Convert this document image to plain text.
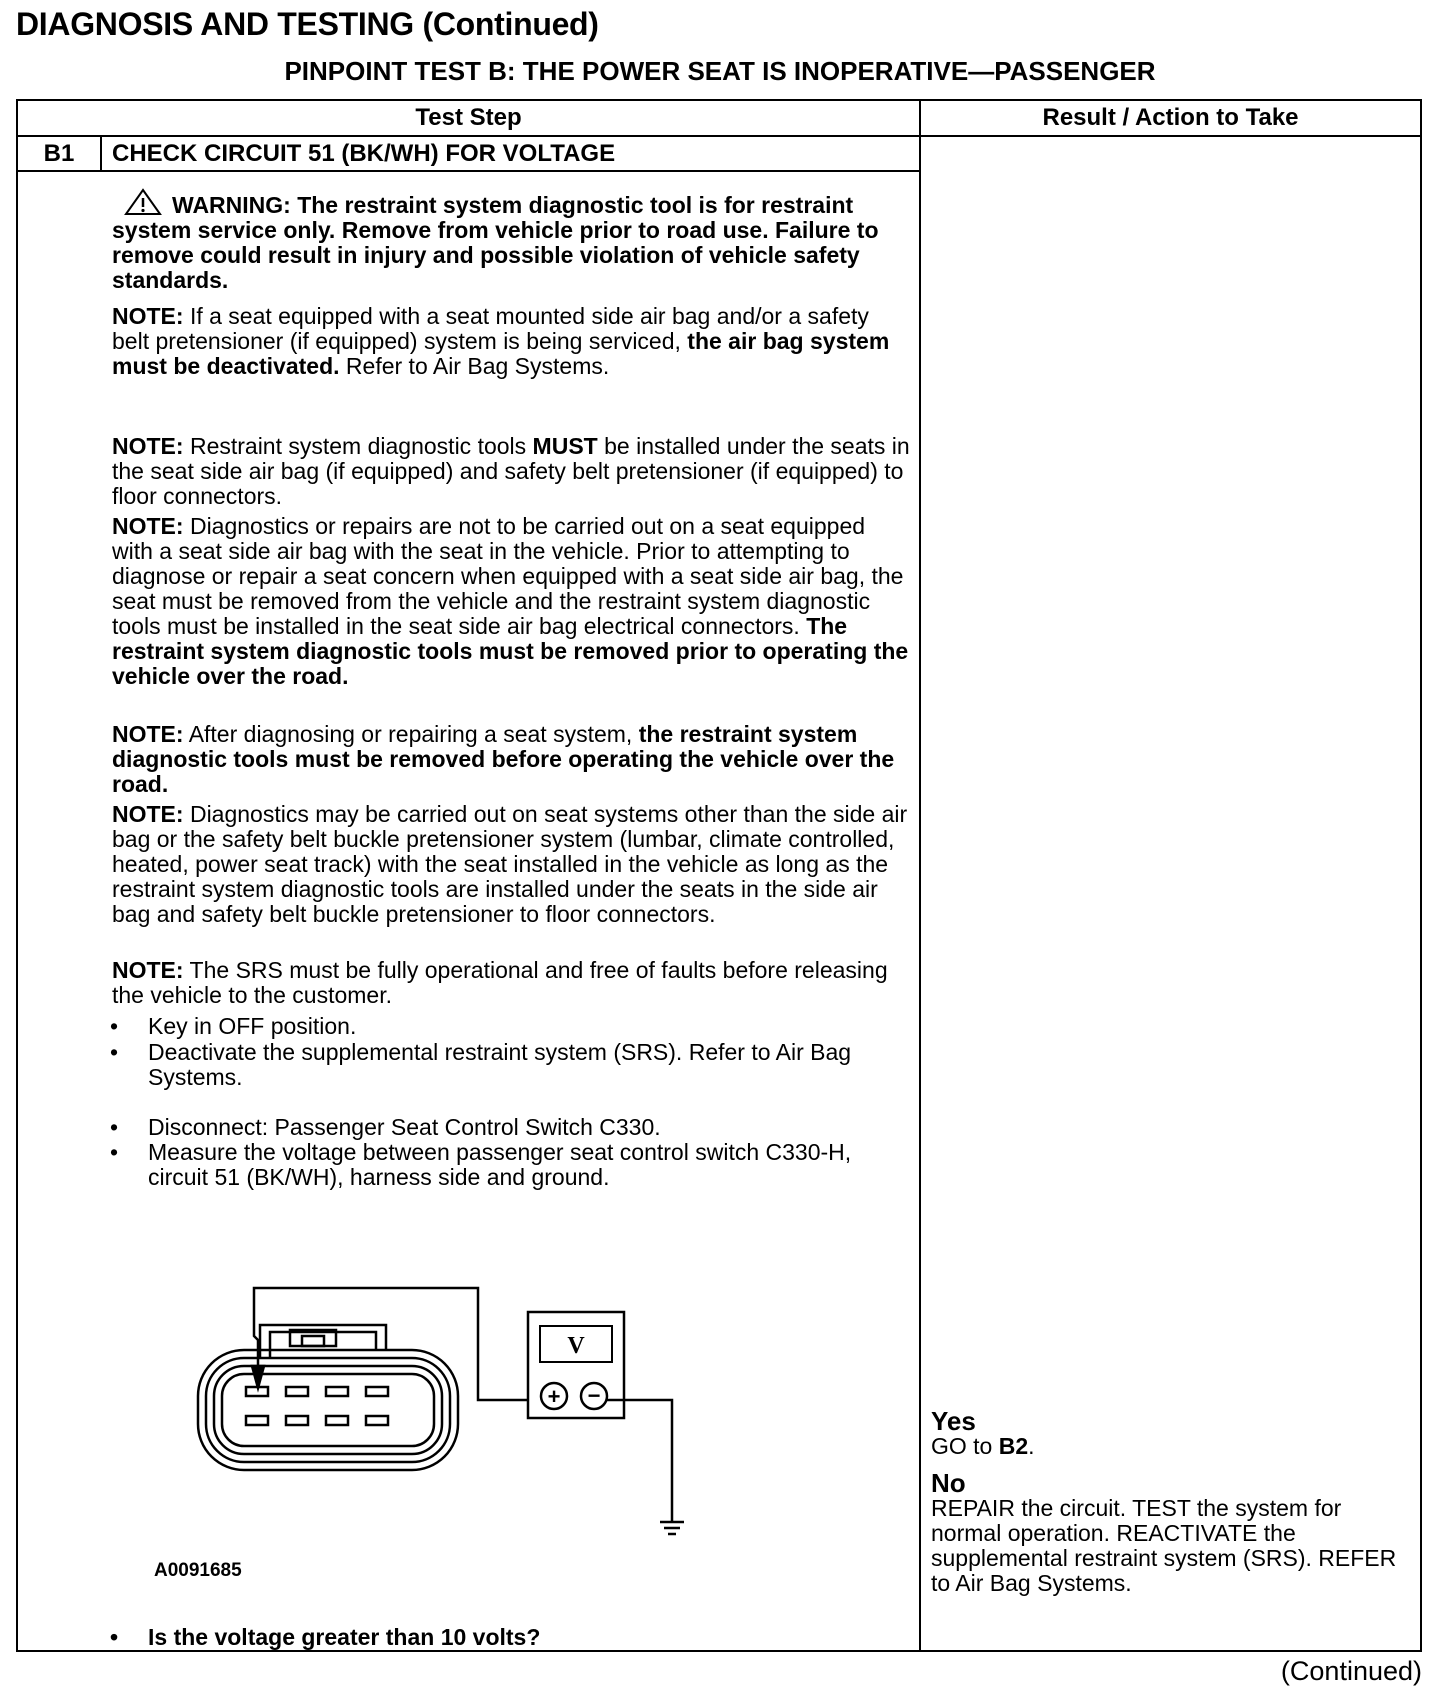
DIAGNOSIS AND TESTING (Continued)
PINPOINT TEST B: THE POWER SEAT IS INOPERATIVE—PASSENGER
Test Step	Result / Action to Take
B1	CHECK CIRCUIT 51 (BK/WH) FOR VOLTAGE

WARNING: The restraint system diagnostic tool is for restraint system service only. Remove from vehicle prior to road use. Failure to remove could result in injury and possible violation of vehicle safety standards.

NOTE: If a seat equipped with a seat mounted side air bag and/or a safety belt pretensioner (if equipped) system is being serviced, the air bag system must be deactivated. Refer to Air Bag Systems.

NOTE: Restraint system diagnostic tools MUST be installed under the seats in the seat side air bag (if equipped) and safety belt pretensioner (if equipped) to floor connectors.

NOTE: Diagnostics or repairs are not to be carried out on a seat equipped with a seat side air bag with the seat in the vehicle. Prior to attempting to diagnose or repair a seat concern when equipped with a seat side air bag, the seat must be removed from the vehicle and the restraint system diagnostic tools must be installed in the seat side air bag electrical connectors. The restraint system diagnostic tools must be removed prior to operating the vehicle over the road.

NOTE: After diagnosing or repairing a seat system, the restraint system diagnostic tools must be removed before operating the vehicle over the road.

NOTE: Diagnostics may be carried out on seat systems other than the side air bag or the safety belt buckle pretensioner system (lumbar, climate controlled, heated, power seat track) with the seat installed in the vehicle as long as the restraint system diagnostic tools are installed under the seats in the side air bag and safety belt buckle pretensioner to floor connectors.

NOTE: The SRS must be fully operational and free of faults before releasing the vehicle to the customer.

• Key in OFF position.
• Deactivate the supplemental restraint system (SRS). Refer to Air Bag Systems.
• Disconnect: Passenger Seat Control Switch C330.
• Measure the voltage between passenger seat control switch C330-H, circuit 51 (BK/WH), harness side and ground.
V
+ −
A0091685
• Is the voltage greater than 10 volts?
Yes
GO to B2.
No
REPAIR the circuit. TEST the system for normal operation. REACTIVATE the supplemental restraint system (SRS). REFER to Air Bag Systems.
(Continued)
